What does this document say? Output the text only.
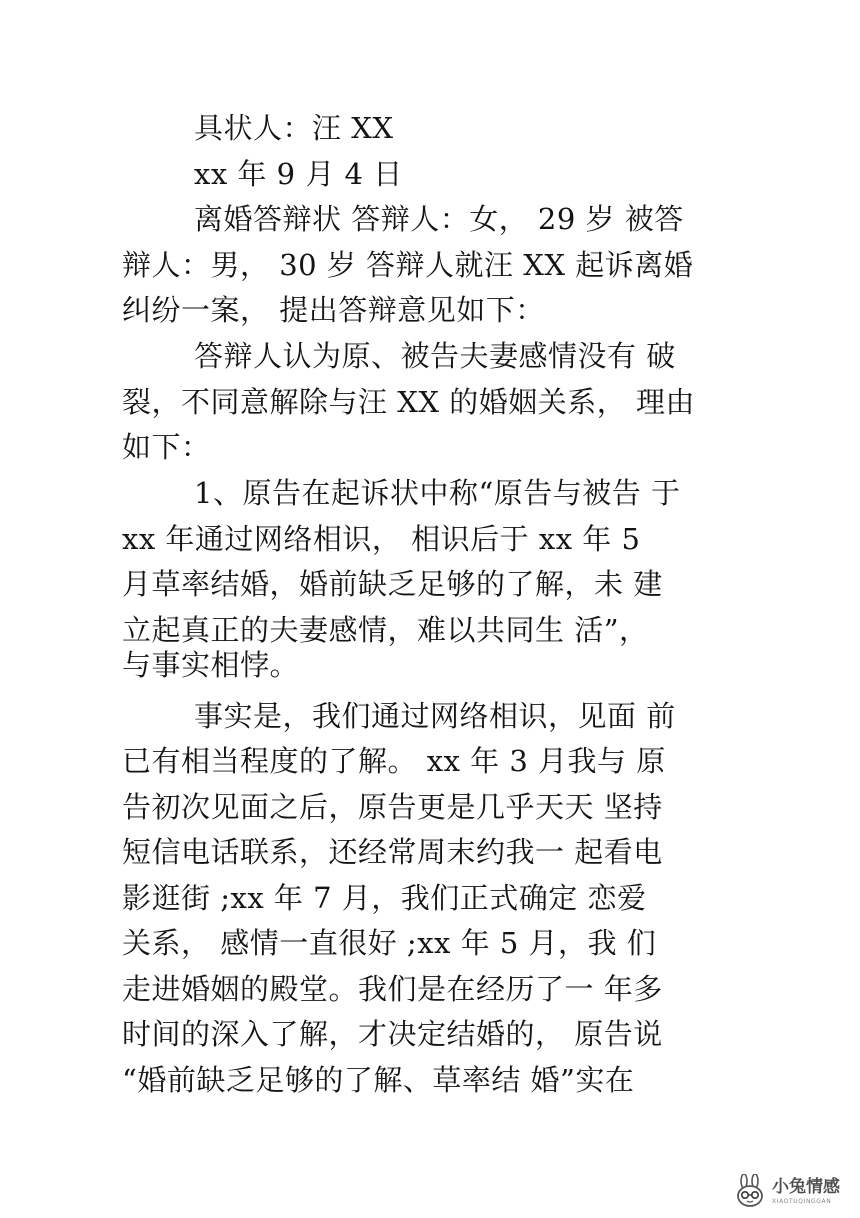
具状人：汪 XX
xx 年 9 月 4 日
离婚答辩状 答辩人：女， 29 岁 被答
辩人：男， 30 岁 答辩人就汪 XX 起诉离婚
纠纷一案， 提出答辩意见如下：
答辩人认为原、被告夫妻感情没有 破
裂，不同意解除与汪 XX 的婚姻关系， 理由
如下：
1、原告在起诉状中称“原告与被告 于
xx 年通过网络相识， 相识后于 xx 年 5
月草率结婚，婚前缺乏足够的了解，未 建
立起真正的夫妻感情，难以共同生 活”，
与事实相悖。
事实是，我们通过网络相识，见面 前
已有相当程度的了解。 xx 年 3 月我与 原
告初次见面之后，原告更是几乎天天 坚持
短信电话联系，还经常周末约我一 起看电
影逛街 ;xx 年 7 月，我们正式确定 恋爱
关系， 感情一直很好 ;xx 年 5 月，我 们
走进婚姻的殿堂。我们是在经历了一 年多
时间的深入了解，才决定结婚的， 原告说
“婚前缺乏足够的了解、草率结 婚”实在
小兔情感
XIAOTUQINGGAN
